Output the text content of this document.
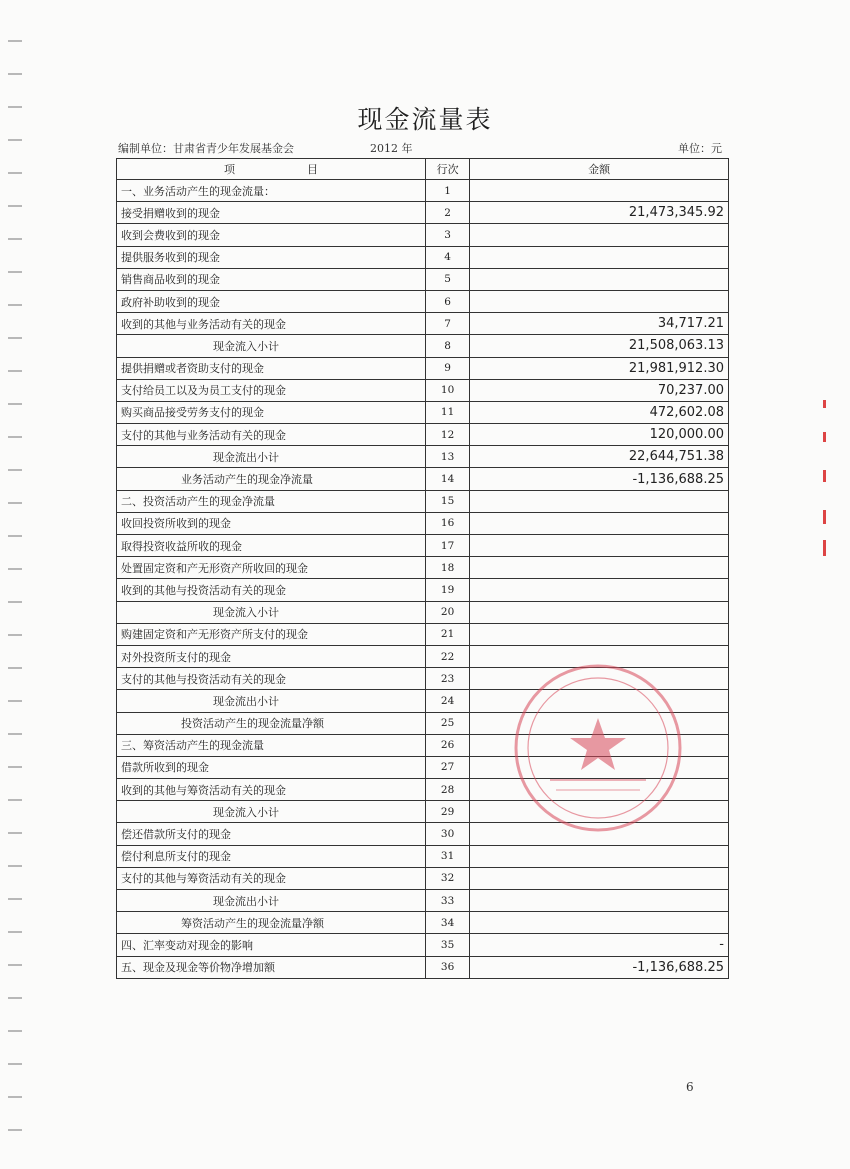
现金流量表
编制单位：甘肃省青少年发展基金会	2012 年	单位：元
项 目	行次	金额
一、业务活动产生的现金流量：	1	
接受捐赠收到的现金	2	21,473,345.92
收到会费收到的现金	3	
提供服务收到的现金	4	
销售商品收到的现金	5	
政府补助收到的现金	6	
收到的其他与业务活动有关的现金	7	34,717.21
现金流入小计	8	21,508,063.13
提供捐赠或者资助支付的现金	9	21,981,912.30
支付给员工以及为员工支付的现金	10	70,237.00
购买商品接受劳务支付的现金	11	472,602.08
支付的其他与业务活动有关的现金	12	120,000.00
现金流出小计	13	22,644,751.38
业务活动产生的现金净流量	14	-1,136,688.25
二、投资活动产生的现金净流量	15	
收回投资所收到的现金	16	
取得投资收益所收的现金	17	
处置固定资和产无形资产所收回的现金	18	
收到的其他与投资活动有关的现金	19	
现金流入小计	20	
购建固定资和产无形资产所支付的现金	21	
对外投资所支付的现金	22	
支付的其他与投资活动有关的现金	23	
现金流出小计	24	
投资活动产生的现金流量净额	25	
三、筹资活动产生的现金流量	26	
借款所收到的现金	27	
收到的其他与筹资活动有关的现金	28	
现金流入小计	29	
偿还借款所支付的现金	30	
偿付利息所支付的现金	31	
支付的其他与筹资活动有关的现金	32	
现金流出小计	33	
筹资活动产生的现金流量净额	34	
四、汇率变动对现金的影响	35	-
五、现金及现金等价物净增加额	36	-1,136,688.25
6
